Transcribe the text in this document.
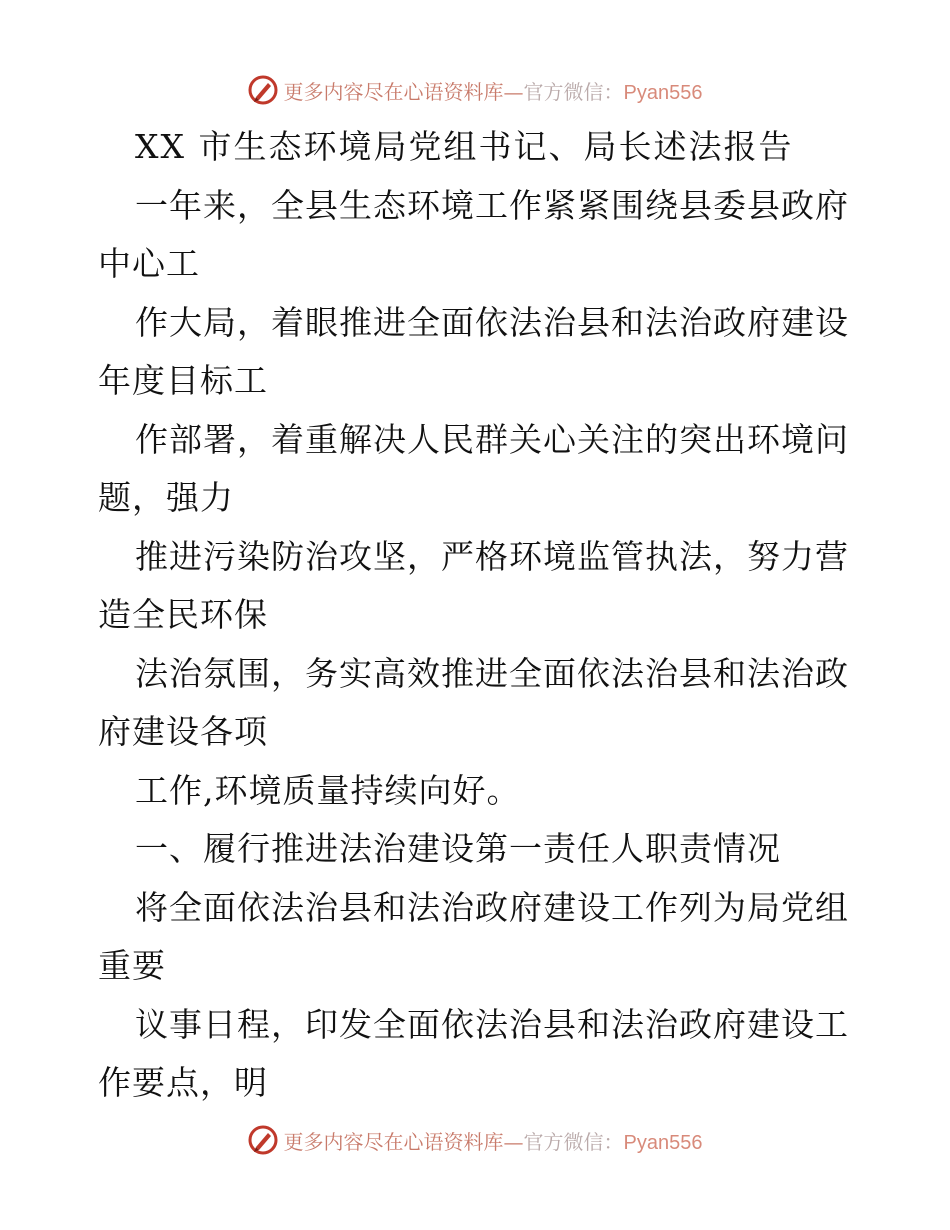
更多内容尽在心语资料库—官方微信：Pyan556
XX 市生态环境局党组书记、局长述法报告
一年来，全县生态环境工作紧紧围绕县委县政府
中心工
作大局，着眼推进全面依法治县和法治政府建设
年度目标工
作部署，着重解决人民群关心关注的突出环境问
题，强力
推进污染防治攻坚，严格环境监管执法，努力营
造全民环保
法治氛围，务实高效推进全面依法治县和法治政
府建设各项
工作,环境质量持续向好。
一、履行推进法治建设第一责任人职责情况
将全面依法治县和法治政府建设工作列为局党组
重要
议事日程，印发全面依法治县和法治政府建设工
作要点，明
更多内容尽在心语资料库—官方微信：Pyan556
